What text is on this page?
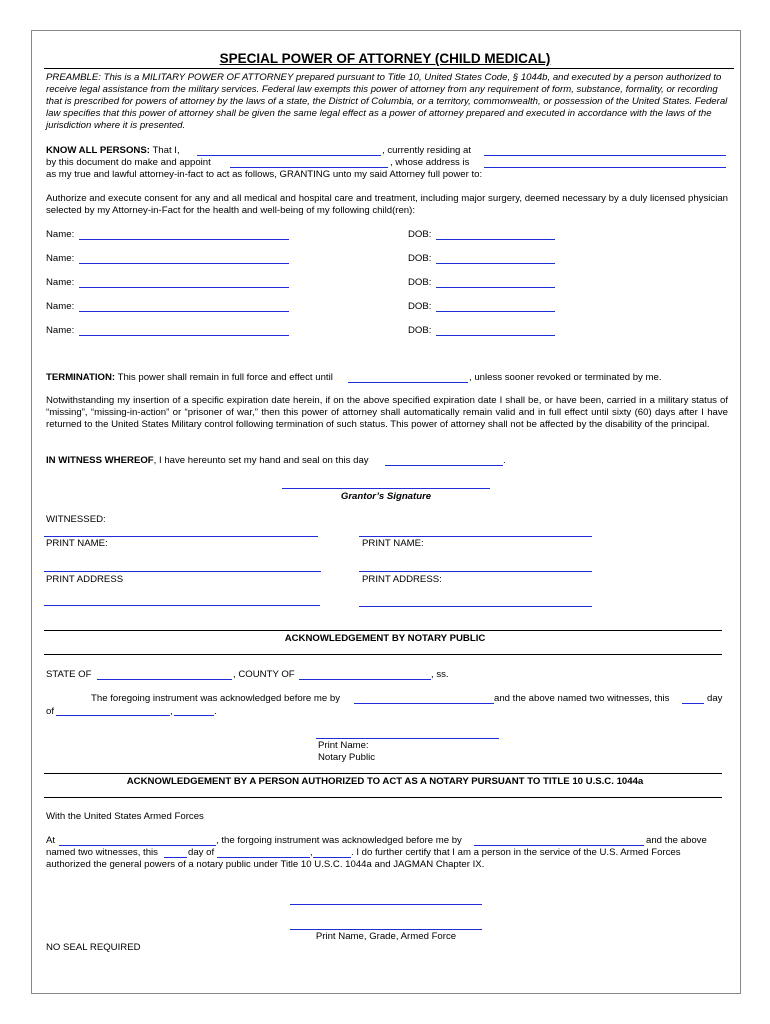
SPECIAL POWER OF ATTORNEY (CHILD MEDICAL)
PREAMBLE: This is a MILITARY POWER OF ATTORNEY prepared pursuant to Title 10, United States Code, § 1044b, and executed by a person authorized to receive legal assistance from the military services. Federal law exempts this power of attorney from any requirement of form, substance, formality, or recording that is prescribed for powers of attorney by the laws of a state, the District of Columbia, or a territory, commonwealth, or possession of the United States. Federal law specifies that this power of attorney shall be given the same legal effect as a power of attorney prepared and executed in accordance with the laws of the jurisdiction where it is presented.
KNOW ALL PERSONS: That I,	, currently residing at
by this document do make and appoint	, whose address is
as my true and lawful attorney-in-fact to act as follows, GRANTING unto my said Attorney full power to:
Authorize and execute consent for any and all medical and hospital care and treatment, including major surgery, deemed necessary by a duly licensed physician selected by my Attorney-in-Fact for the health and well-being of my following child(ren):
Name:	DOB:
Name:	DOB:
Name:	DOB:
Name:	DOB:
Name:	DOB:
TERMINATION: This power shall remain in full force and effect until	, unless sooner revoked or terminated by me.
Notwithstanding my insertion of a specific expiration date herein, if on the above specified expiration date I shall be, or have been, carried in a military status of “missing”, “missing-in-action” or “prisoner of war,” then this power of attorney shall automatically remain valid and in full effect until sixty (60) days after I have returned to the United States Military control following termination of such status. This power of attorney shall not be affected by the disability of the principal.
IN WITNESS WHEREOF, I have hereunto set my hand and seal on this day	.
Grantor’s Signature
WITNESSED:
PRINT NAME:	PRINT NAME:
PRINT ADDRESS	PRINT ADDRESS:
ACKNOWLEDGEMENT BY NOTARY PUBLIC
STATE OF	, COUNTY OF	, ss.
The foregoing instrument was acknowledged before me by	and the above named two witnesses, this	day
of	,	.
Print Name:
Notary Public
ACKNOWLEDGEMENT BY A PERSON AUTHORIZED TO ACT AS A NOTARY PURSUANT TO TITLE 10 U.S.C. 1044a
With the United States Armed Forces
At	, the forgoing instrument was acknowledged before me by	and the above
named two witnesses, this	day of	,	. I do further certify that I am a person in the service of the U.S. Armed Forces
authorized the general powers of a notary public under Title 10 U.S.C. 1044a and JAGMAN Chapter IX.
Print Name, Grade, Armed Force
NO SEAL REQUIRED
